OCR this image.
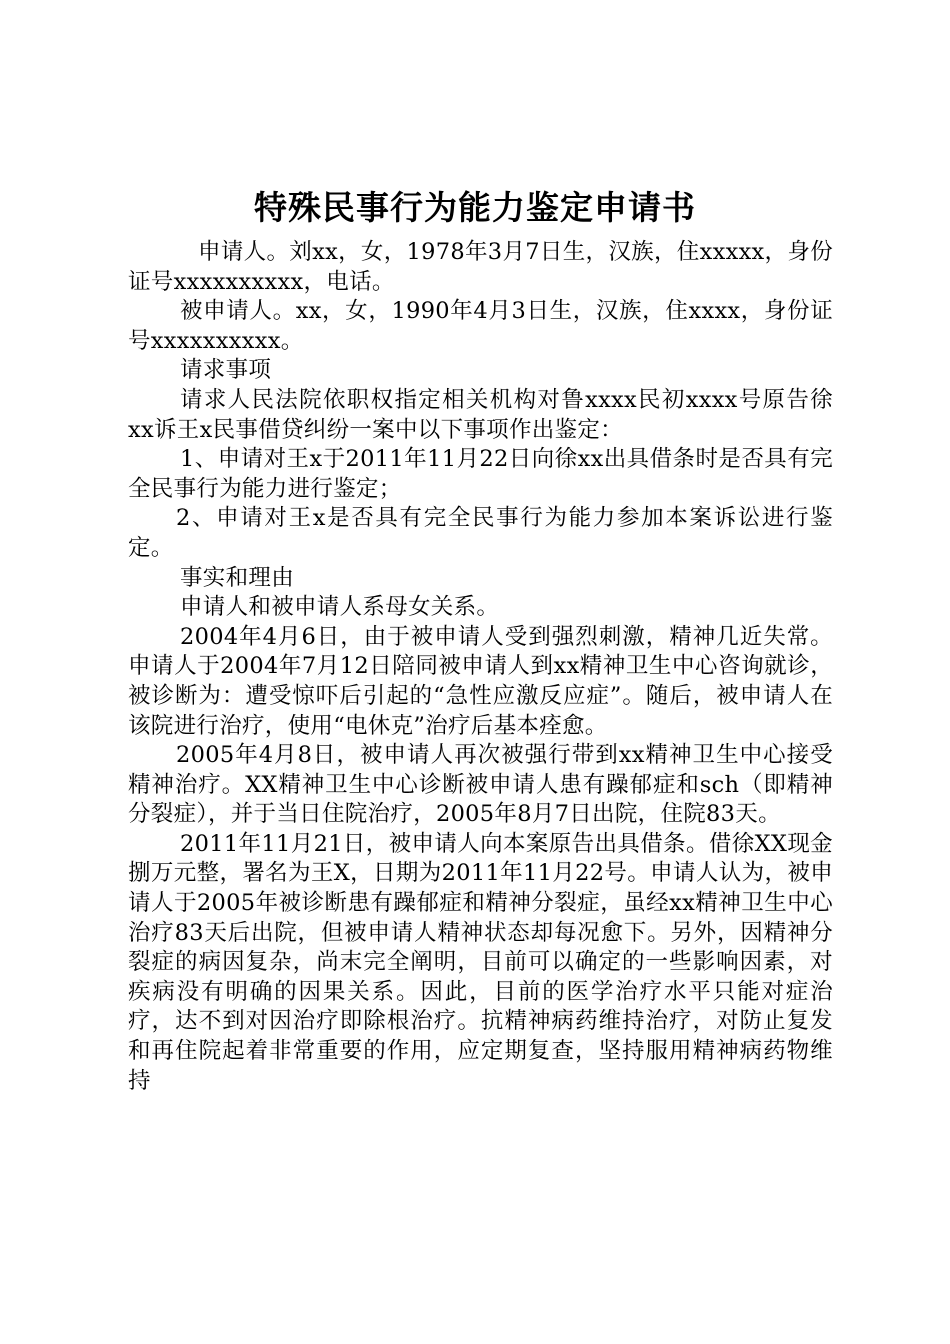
特殊民事行为能力鉴定申请书

申请人。刘xx，女，1978年3月7日生，汉族，住xxxxx，身份证号xxxxxxxxxx，电话。

被申请人。xx，女，1990年4月3日生，汉族，住xxxx，身份证号xxxxxxxxxx。

请求事项

请求人民法院依职权指定相关机构对鲁xxxx民初xxxx号原告徐xx诉王x民事借贷纠纷一案中以下事项作出鉴定：

1、申请对王x于2011年11月22日向徐xx出具借条时是否具有完全民事行为能力进行鉴定；

2、申请对王x是否具有完全民事行为能力参加本案诉讼进行鉴定。

事实和理由

申请人和被申请人系母女关系。

2004年4月6日，由于被申请人受到强烈刺激，精神几近失常。申请人于2004年7月12日陪同被申请人到xx精神卫生中心咨询就诊，被诊断为：遭受惊吓后引起的“急性应激反应症”。随后，被申请人在该院进行治疗，使用“电休克”治疗后基本痊愈。

2005年4月8日，被申请人再次被强行带到xx精神卫生中心接受精神治疗。XX精神卫生中心诊断被申请人患有躁郁症和sch（即精神分裂症），并于当日住院治疗，2005年8月7日出院，住院83天。

2011年11月21日，被申请人向本案原告出具借条。借徐XX现金捌万元整，署名为王X，日期为2011年11月22号。申请人认为，被申请人于2005年被诊断患有躁郁症和精神分裂症，虽经xx精神卫生中心治疗83天后出院，但被申请人精神状态却每况愈下。另外，因精神分裂症的病因复杂，尚末完全阐明，目前可以确定的一些影响因素，对疾病没有明确的因果关系。因此，目前的医学治疗水平只能对症治疗，达不到对因治疗即除根治疗。抗精神病药维持治疗，对防止复发和再住院起着非常重要的作用，应定期复查，坚持服用精神病药物维持
